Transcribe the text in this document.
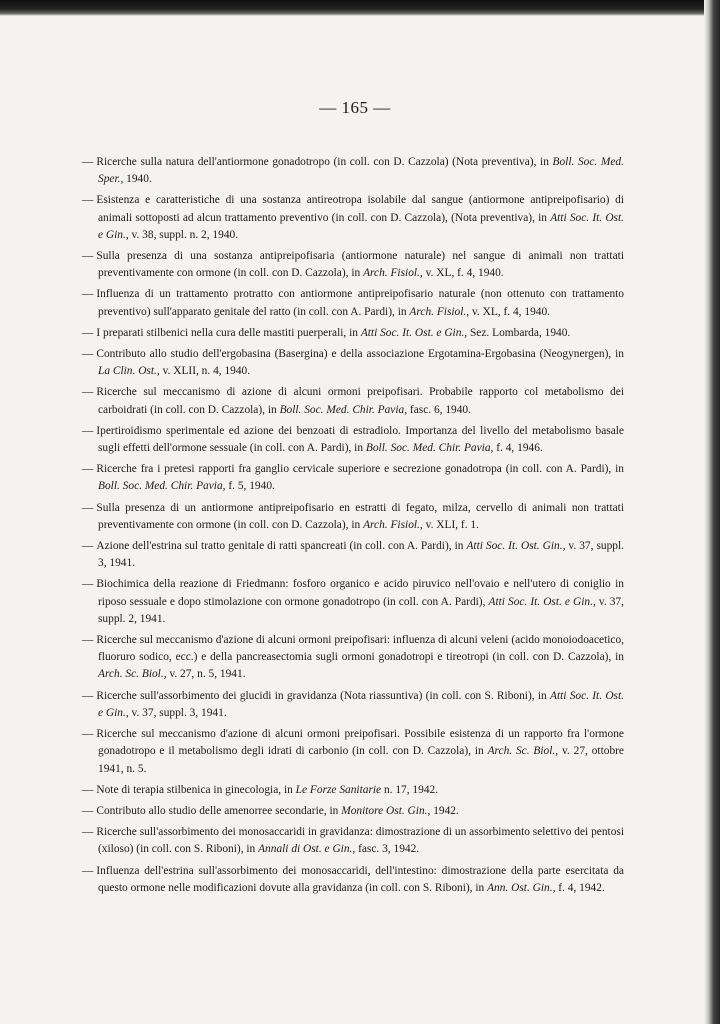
— 165 —
— Ricerche sulla natura dell'antiormone gonadotropo (in coll. con D. Cazzola) (Nota preventiva), in Boll. Soc. Med. Sper., 1940.
— Esistenza e caratteristiche di una sostanza antireotropa isolabile dal sangue (antiormone antipreipofisario) di animali sottoposti ad alcun trattamento preventivo (in coll. con D. Cazzola), (Nota preventiva), in Atti Soc. It. Ost. e Gin., v. 38, suppl. n. 2, 1940.
— Sulla presenza di una sostanza antipreipofisaria (antiormone naturale) nel sangue di animali non trattati preventivamente con ormone (in coll. con D. Cazzola), in Arch. Fisiol., v. XL, f. 4, 1940.
— Influenza di un trattamento protratto con antiormone antipreipofisario naturale (non ottenuto con trattamento preventivo) sull'apparato genitale del ratto (in coll. con A. Pardi), in Arch. Fisiol., v. XL, f. 4, 1940.
— I preparati stilbenici nella cura delle mastiti puerperali, in Atti Soc. It. Ost. e Gin., Sez. Lombarda, 1940.
— Contributo allo studio dell'ergobasina (Basergina) e della associazione Ergotamina-Ergobasina (Neogynergen), in La Clin. Ost., v. XLII, n. 4, 1940.
— Ricerche sul meccanismo di azione di alcuni ormoni preipofisari. Probabile rapporto col metabolismo dei carboidrati (in coll. con D. Cazzola), in Boll. Soc. Med. Chir. Pavia, fasc. 6, 1940.
— Ipertiroidismo sperimentale ed azione dei benzoati di estradiolo. Importanza del livello del metabolismo basale sugli effetti dell'ormone sessuale (in coll. con A. Pardi), in Boll. Soc. Med. Chir. Pavia, f. 4, 1946.
— Ricerche fra i pretesi rapporti fra ganglio cervicale superiore e secrezione gonadotropa (in coll. con A. Pardi), in Boll. Soc. Med. Chir. Pavia, f. 5, 1940.
— Sulla presenza di un antiormone antipreipofisario en estratti di fegato, milza, cervello di animali non trattati preventivamente con ormone (in coll. con D. Cazzola), in Arch. Fisiol., v. XLI, f. 1.
— Azione dell'estrina sul tratto genitale di ratti spancreati (in coll. con A. Pardi), in Atti Soc. It. Ost. Gin., v. 37, suppl. 3, 1941.
— Biochimica della reazione di Friedmann: fosforo organico e acido piruvico nell'ovaio e nell'utero di coniglio in riposo sessuale e dopo stimolazione con ormone gonadotropo (in coll. con A. Pardi), Atti Soc. It. Ost. e Gin., v. 37, suppl. 2, 1941.
— Ricerche sul meccanismo d'azione di alcuni ormoni preipofisari: influenza di alcuni veleni (acido monoiodoacetico, fluoruro sodico, ecc.) e della pancreasectomia sugli ormoni gonadotropi e tireotropi (in coll. con D. Cazzola), in Arch. Sc. Biol., v. 27, n. 5, 1941.
— Ricerche sull'assorbimento dei glucidi in gravidanza (Nota riassuntiva) (in coll. con S. Riboni), in Atti Soc. It. Ost. e Gin., v. 37, suppl. 3, 1941.
— Ricerche sul meccanismo d'azione di alcuni ormoni preipofisari. Possibile esistenza di un rapporto fra l'ormone gonadotropo e il metabolismo degli idrati di carbonio (in coll. con D. Cazzola), in Arch. Sc. Biol., v. 27, ottobre 1941, n. 5.
— Note di terapia stilbenica in ginecologia, in Le Forze Sanitarie n. 17, 1942.
— Contributo allo studio delle amenorree secondarie, in Monitore Ost. Gin., 1942.
— Ricerche sull'assorbimento dei monosaccaridi in gravidanza: dimostrazione di un assorbimento selettivo dei pentosi (xiloso) (in coll. con S. Riboni), in Annali di Ost. e Gin., fasc. 3, 1942.
— Influenza dell'estrina sull'assorbimento dei monosaccaridi, dell'intestino: dimostrazione della parte esercitata da questo ormone nelle modificazioni dovute alla gravidanza (in coll. con S. Riboni), in Ann. Ost. Gin., f. 4, 1942.
